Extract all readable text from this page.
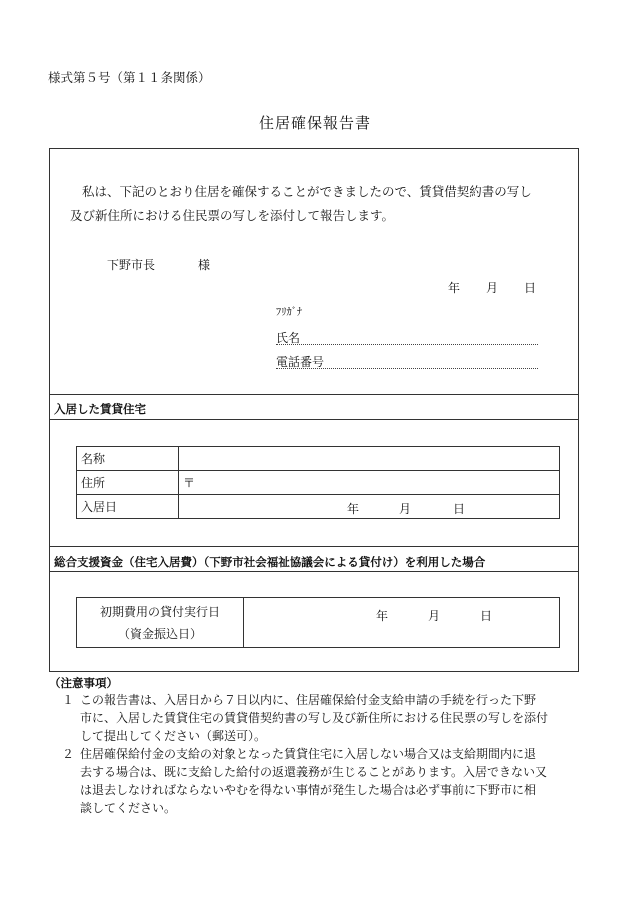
様式第５号（第１１条関係）
住居確保報告書
私は、下記のとおり住居を確保することができましたので、賃貸借契約書の写し
及び新住所における住民票の写しを添付して報告します。
下野市長	様
年 月 日
ﾌﾘｶﾞﾅ
氏名
電話番号
入居した賃貸住宅
名称	
住所	〒
入居日	年 月 日
総合支援資金（住宅入居費）（下野市社会福祉協議会による貸付け）を利用した場合
初期費用の貸付実行日
（資金振込日）

年	月	日
（注意事項）
１ この報告書は、入居日から７日以内に、住居確保給付金支給申請の手続を行った下野
市に、入居した賃貸住宅の賃貸借契約書の写し及び新住所における住民票の写しを添付
して提出してください（郵送可）。
２ 住居確保給付金の支給の対象となった賃貸住宅に入居しない場合又は支給期間内に退
去する場合は、既に支給した給付の返還義務が生じることがあります。入居できない又
は退去しなければならないやむを得ない事情が発生した場合は必ず事前に下野市に相
談してください。
